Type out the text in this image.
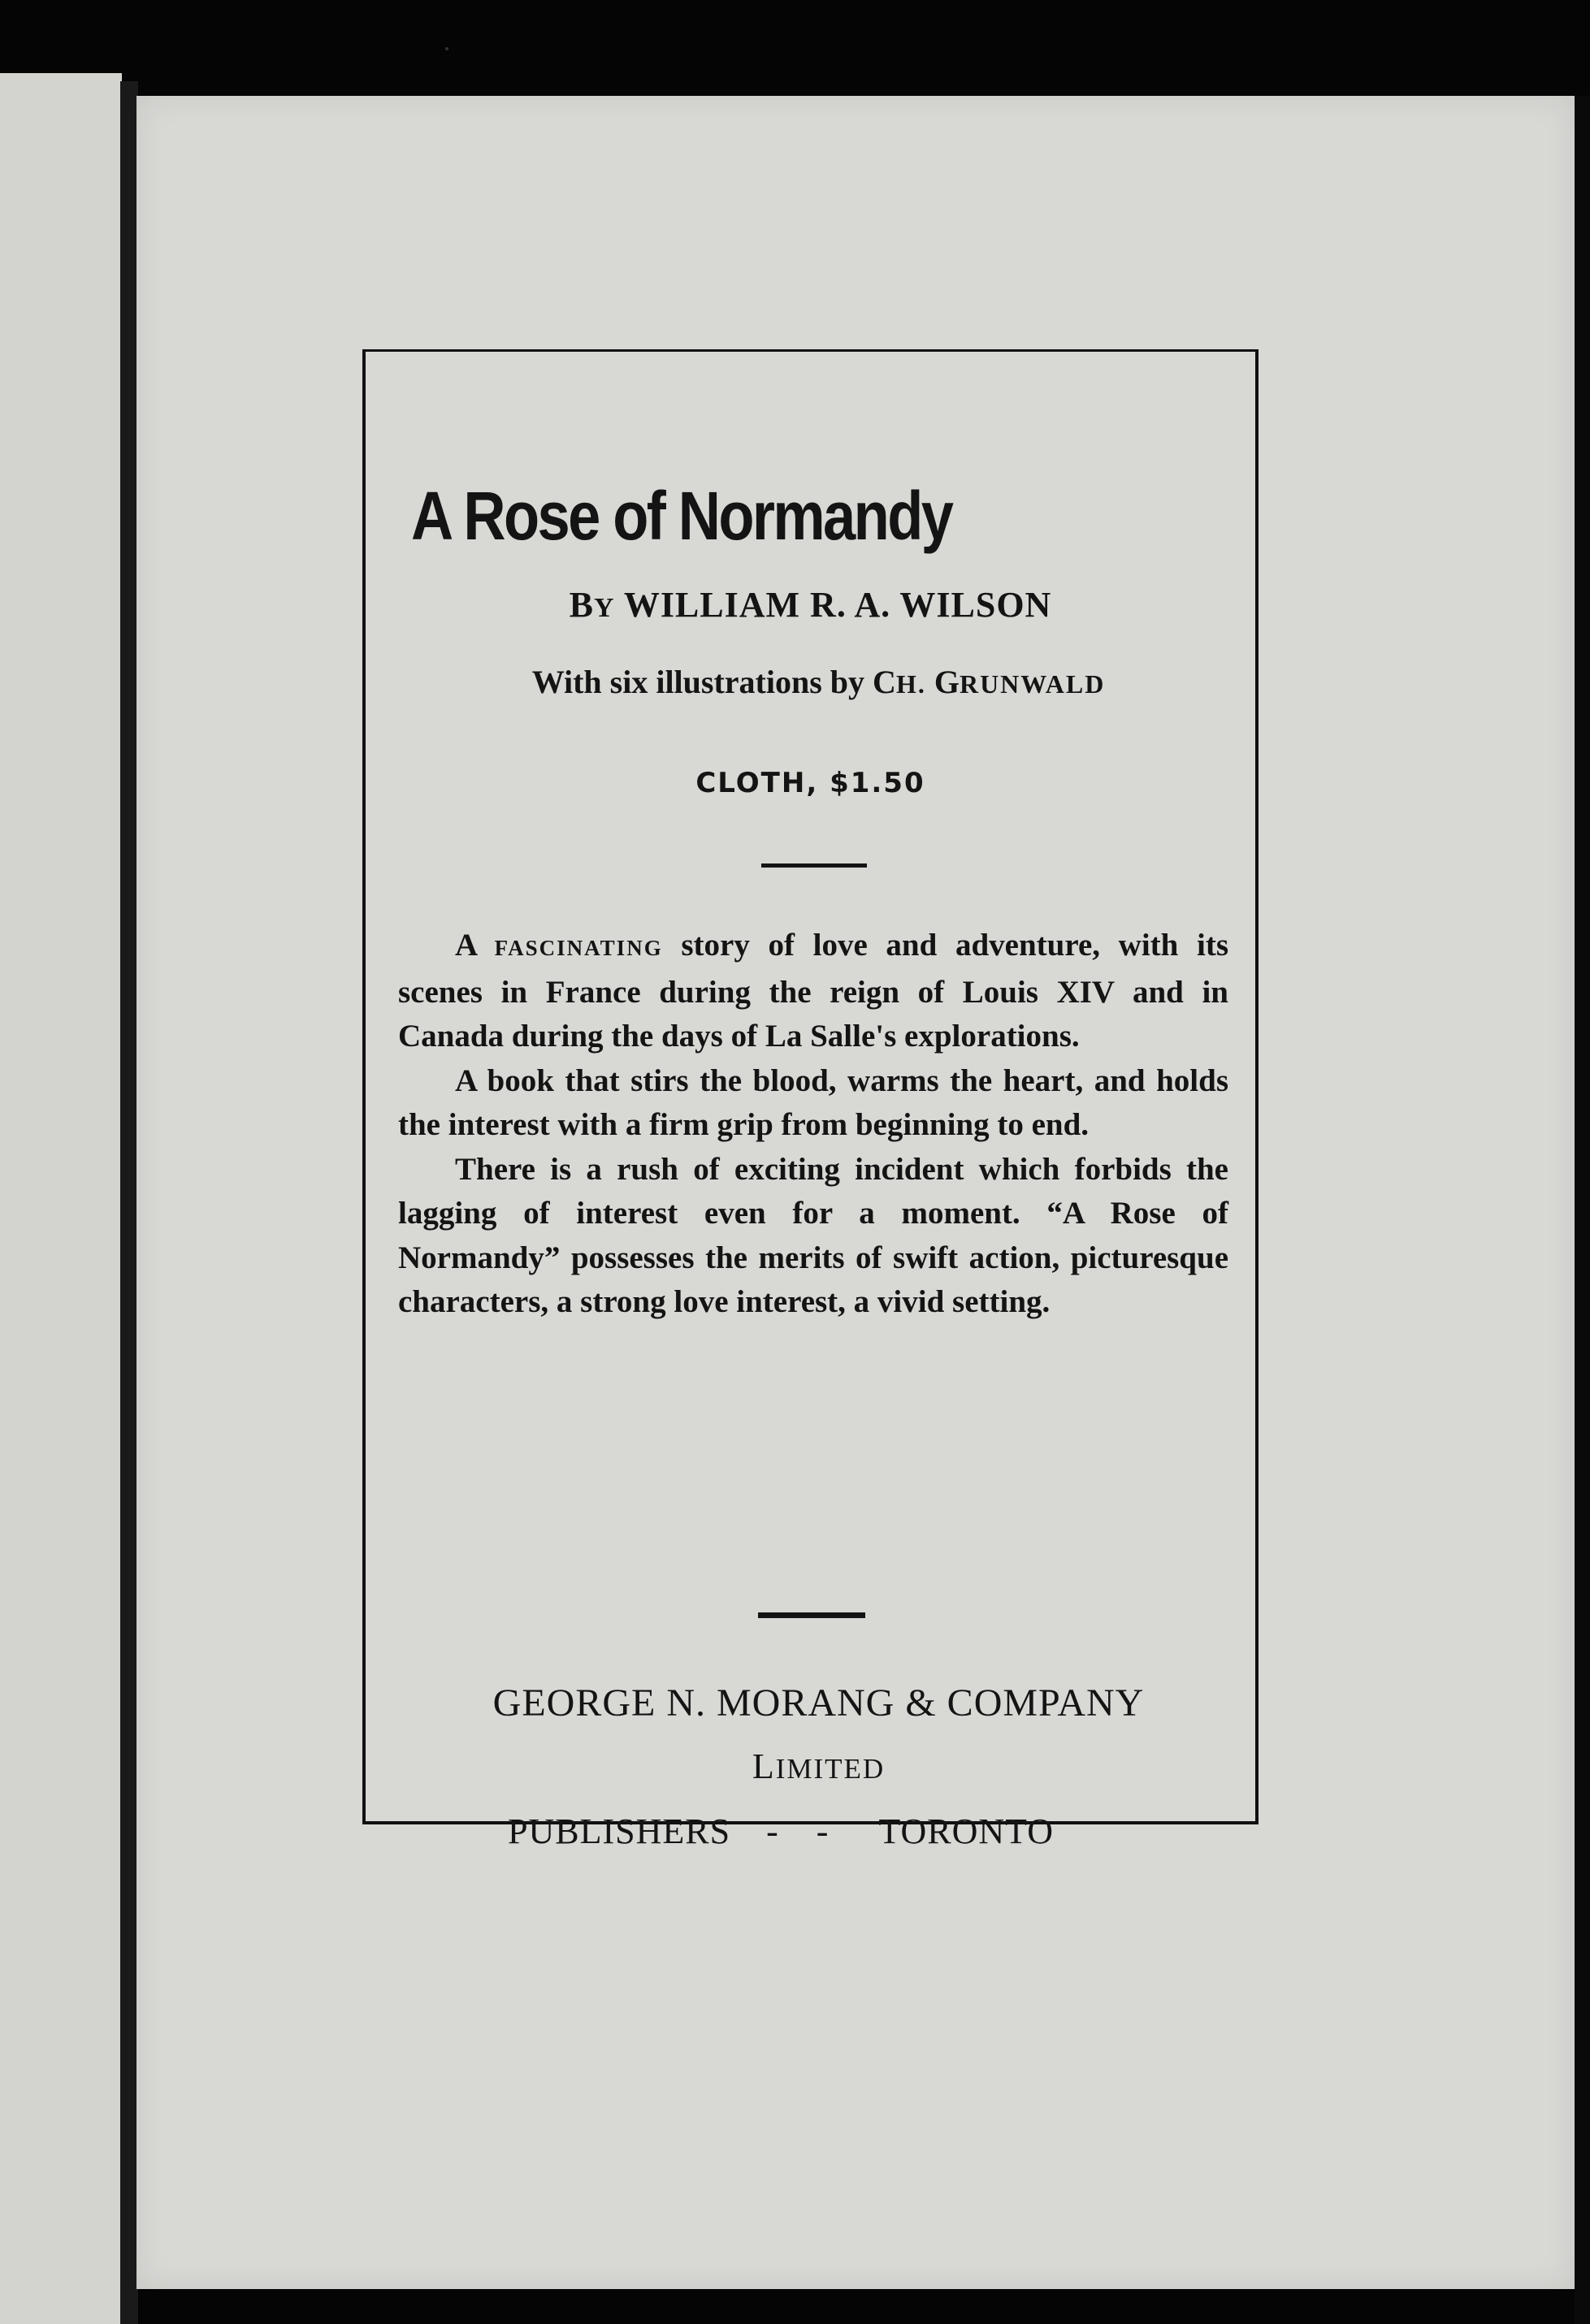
A Rose of Normandy
BY WILLIAM R. A. WILSON
With six illustrations by CH. GRUNWALD
CLOTH, $1.50

A FASCINATING story of love and adventure, with its scenes in France during the reign of Louis XIV and in Canada during the days of La Salle's explorations.

A book that stirs the blood, warms the heart, and holds the interest with a firm grip from beginning to end.

There is a rush of exciting incident which forbids the lagging of interest even for a moment. “A Rose of Normandy” possesses the merits of swift action, picturesque characters, a strong love interest, a vivid setting.

GEORGE N. MORANG & COMPANY
LIMITED
PUBLISHERS - - TORONTO
